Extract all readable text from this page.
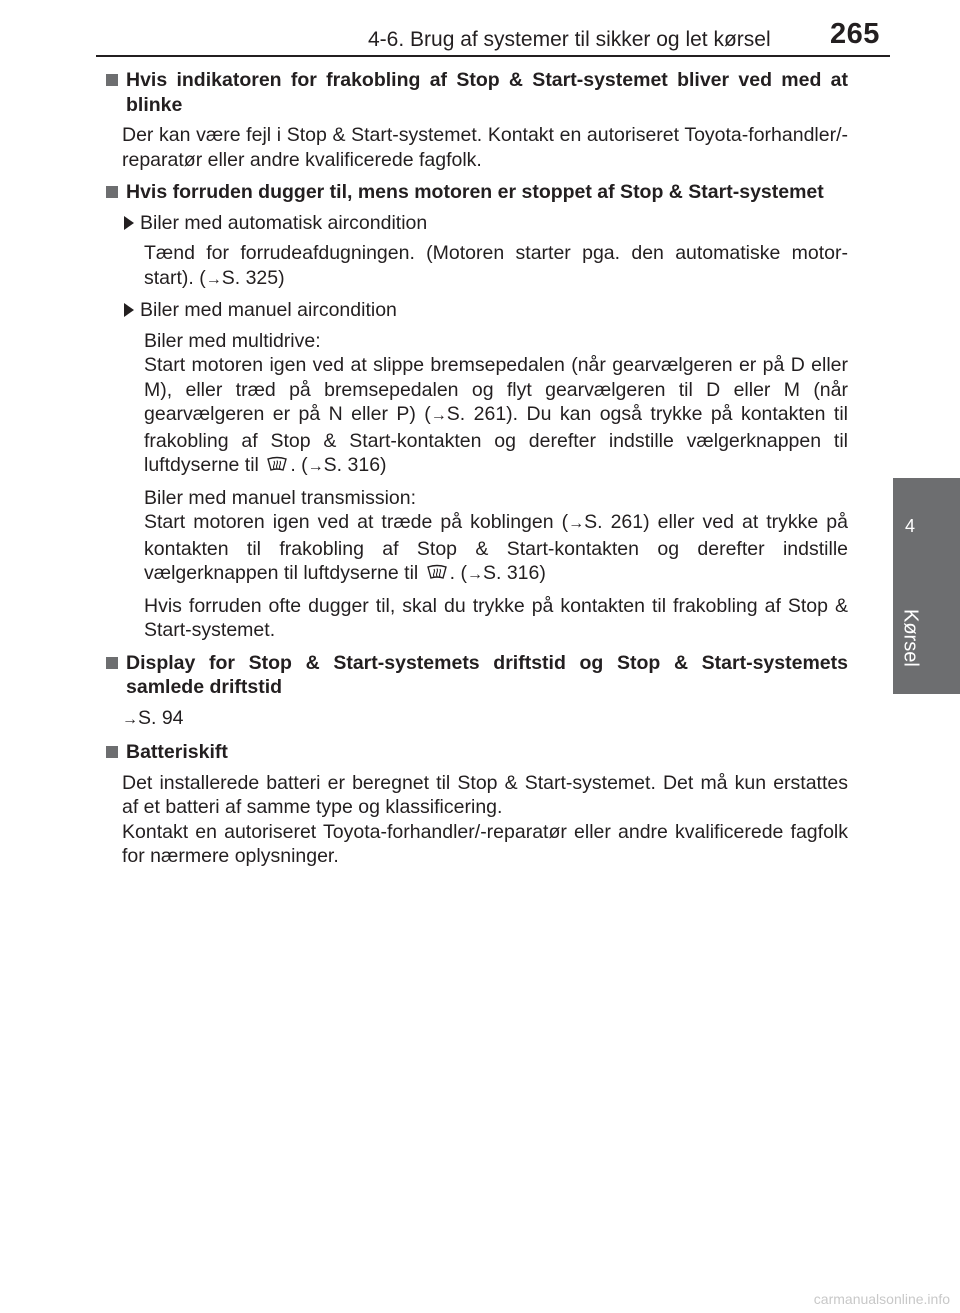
4-6. Brug af systemer til sikker og let kørsel 265
4
Kørsel
Hvis indikatoren for frakobling af Stop & Start-systemet bliver ved med at blinke
Der kan være fejl i Stop & Start-systemet. Kontakt en autoriseret Toyota-forhandler/-reparatør eller andre kvalificerede fagfolk.
Hvis forruden dugger til, mens motoren er stoppet af Stop & Start-systemet
Biler med automatisk aircondition
Tænd for forrudeafdugningen. (Motoren starter pga. den automatiske motor-start). (→S. 325)
Biler med manuel aircondition
Biler med multidrive:
Start motoren igen ved at slippe bremsepedalen (når gearvælgeren er på D eller M), eller træd på bremsepedalen og flyt gearvælgeren til D eller M (når gearvælgeren er på N eller P) (→S. 261). Du kan også trykke på kontakten til frakobling af Stop & Start-kontakten og derefter indstille vælgerknappen til luftdyserne til . (→S. 316)
Biler med manuel transmission:
Start motoren igen ved at træde på koblingen (→S. 261) eller ved at trykke på kontakten til frakobling af Stop & Start-kontakten og derefter indstille vælgerknappen til luftdyserne til . (→S. 316)
Hvis forruden ofte dugger til, skal du trykke på kontakten til frakobling af Stop & Start-systemet.
Display for Stop & Start-systemets driftstid og Stop & Start-systemets samlede driftstid
→S. 94
Batteriskift
Det installerede batteri er beregnet til Stop & Start-systemet. Det må kun erstattes af et batteri af samme type og klassificering.
Kontakt en autoriseret Toyota-forhandler/-reparatør eller andre kvalificerede fagfolk for nærmere oplysninger.
carmanualsonline.info
